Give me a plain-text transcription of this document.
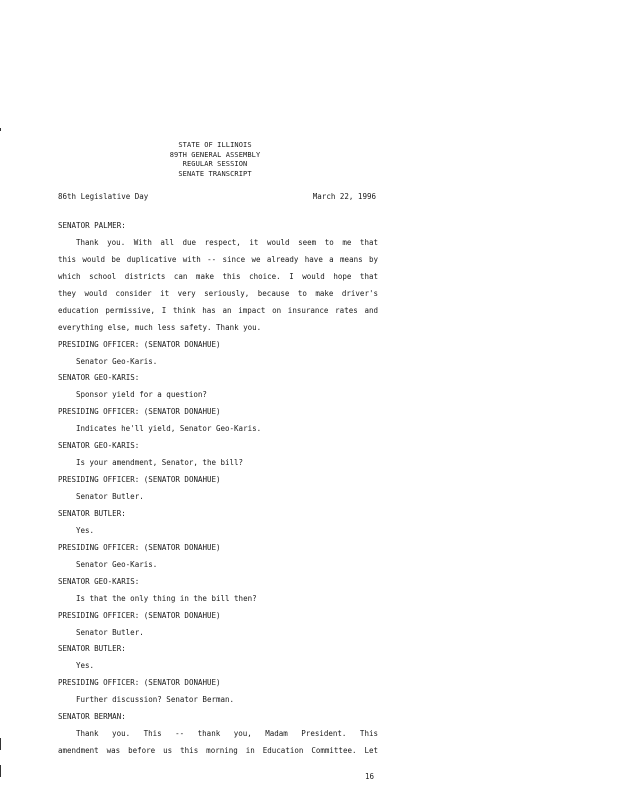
STATE OF ILLINOIS
89TH GENERAL ASSEMBLY
REGULAR SESSION
SENATE TRANSCRIPT
86th Legislative Day	March 22, 1996
SENATOR PALMER:
Thank you. With all due respect, it would seem to me that
this would be duplicative with -- since we already have a means by
which school districts can make this choice. I would hope that
they would consider it very seriously, because to make driver's
education permissive, I think has an impact on insurance rates and
everything else, much less safety. Thank you.
PRESIDING OFFICER: (SENATOR DONAHUE)
Senator Geo-Karis.
SENATOR GEO-KARIS:
Sponsor yield for a question?
PRESIDING OFFICER: (SENATOR DONAHUE)
Indicates he'll yield, Senator Geo-Karis.
SENATOR GEO-KARIS:
Is your amendment, Senator, the bill?
PRESIDING OFFICER: (SENATOR DONAHUE)
Senator Butler.
SENATOR BUTLER:
Yes.
PRESIDING OFFICER: (SENATOR DONAHUE)
Senator Geo-Karis.
SENATOR GEO-KARIS:
Is that the only thing in the bill then?
PRESIDING OFFICER: (SENATOR DONAHUE)
Senator Butler.
SENATOR BUTLER:
Yes.
PRESIDING OFFICER: (SENATOR DONAHUE)
Further discussion? Senator Berman.
SENATOR BERMAN:
Thank you. This -- thank you, Madam President. This
amendment was before us this morning in Education Committee. Let
16
